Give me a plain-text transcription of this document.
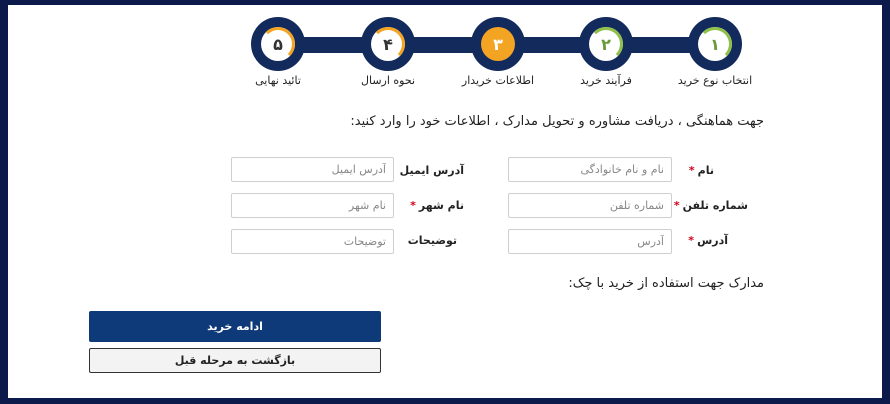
۱
۲
۳
۴
۵
انتخاب نوع خرید
فرآیند خرید
اطلاعات خریدار
نحوه ارسال
تائید نهایی
جهت هماهنگی ، دریافت مشاوره و تحویل مدارک ، اطلاعات خود را وارد کنید:
نام*
نام و نام خانوادگی
شماره تلفن*
شماره تلفن
آدرس*
آدرس
آدرس ایمیل
آدرس ایمیل
نام شهر*
نام شهر
توضیحات
توضیحات
مدارک جهت استفاده از خرید با چک:
ادامه خرید
بازگشت به مرحله قبل
